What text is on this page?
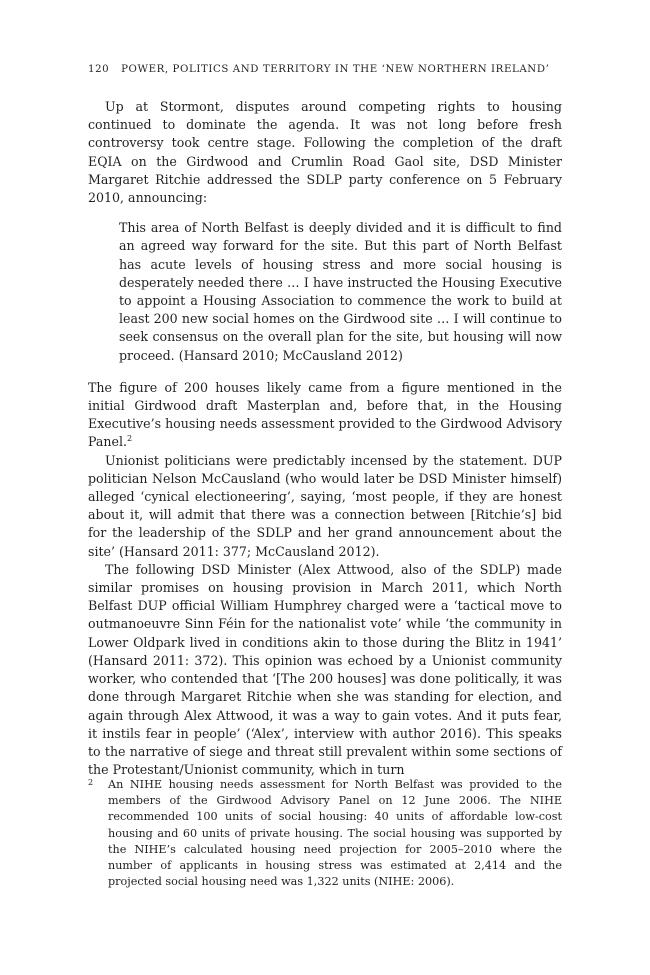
120 POWER, POLITICS AND TERRITORY IN THE ‘NEW NORTHERN IRELAND’

Up at Stormont, disputes around competing rights to housing continued to dominate the agenda. It was not long before fresh controversy took centre stage. Following the completion of the draft EQIA on the Girdwood and Crumlin Road Gaol site, DSD Minister Margaret Ritchie addressed the SDLP party conference on 5 February 2010, announcing:

This area of North Belfast is deeply divided and it is difficult to find an agreed way forward for the site. But this part of North Belfast has acute levels of housing stress and more social housing is desperately needed there … I have instructed the Housing Executive to appoint a Housing Association to commence the work to build at least 200 new social homes on the Girdwood site … I will continue to seek consensus on the overall plan for the site, but housing will now proceed. (Hansard 2010; McCausland 2012)

The figure of 200 houses likely came from a figure mentioned in the initial Girdwood draft Masterplan and, before that, in the Housing Executive’s housing needs assessment provided to the Girdwood Advisory Panel.$^2$

Unionist politicians were predictably incensed by the statement. DUP politician Nelson McCausland (who would later be DSD Minister himself) alleged ‘cynical electioneering’, saying, ‘most people, if they are honest about it, will admit that there was a connection between [Ritchie’s] bid for the leadership of the SDLP and her grand announcement about the site’ (Hansard 2011: 377; McCausland 2012).

The following DSD Minister (Alex Attwood, also of the SDLP) made similar promises on housing provision in March 2011, which North Belfast DUP official William Humphrey charged were a ‘tactical move to outmanoeuvre Sinn Féin for the nationalist vote’ while ‘the community in Lower Oldpark lived in conditions akin to those during the Blitz in 1941’ (Hansard 2011: 372). This opinion was echoed by a Unionist community worker, who contended that ‘[The 200 houses] was done politically, it was done through Margaret Ritchie when she was standing for election, and again through Alex Attwood, it was a way to gain votes. And it puts fear, it instils fear in people’ (‘Alex’, interview with author 2016). This speaks to the narrative of siege and threat still prevalent within some sections of the Protestant/Unionist community, which in turn

2 An NIHE housing needs assessment for North Belfast was provided to the members of the Girdwood Advisory Panel on 12 June 2006. The NIHE recommended 100 units of social housing: 40 units of affordable low-cost housing and 60 units of private housing. The social housing was supported by the NIHE’s calculated housing need projection for 2005–2010 where the number of applicants in housing stress was estimated at 2,414 and the projected social housing need was 1,322 units (NIHE: 2006).
